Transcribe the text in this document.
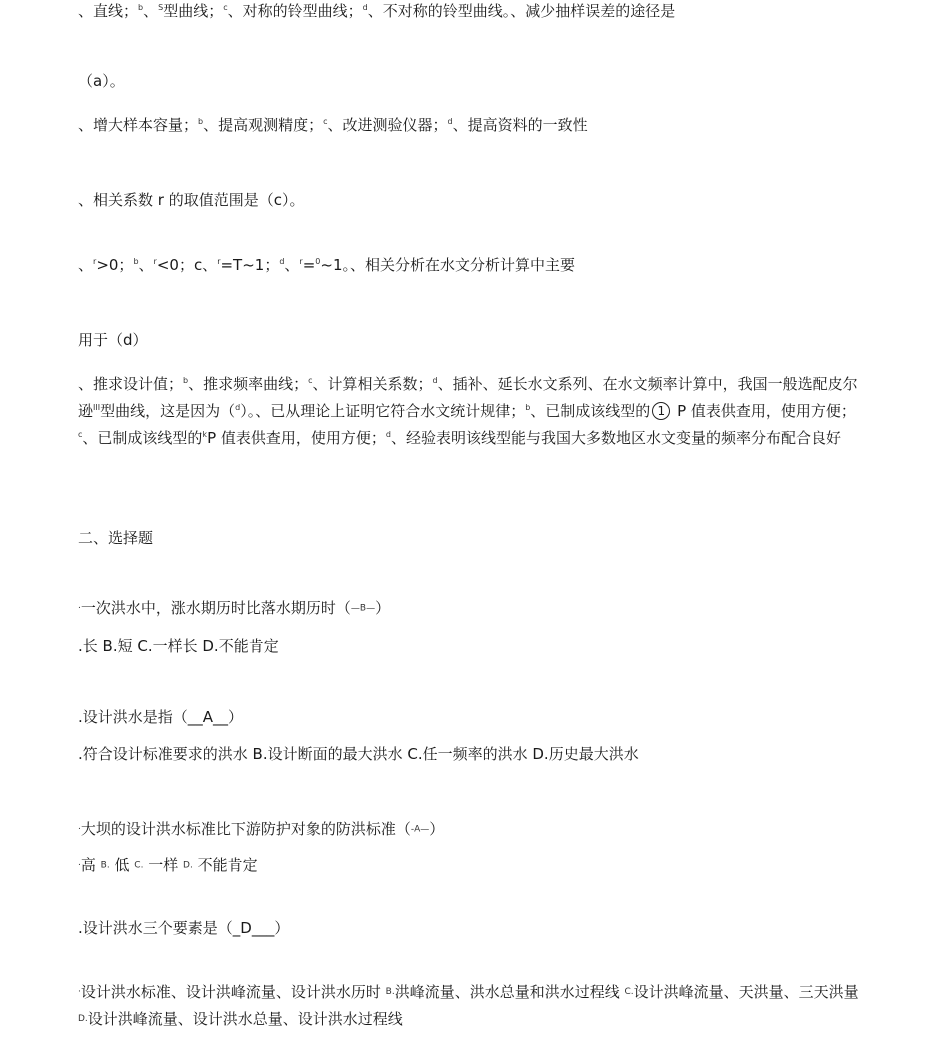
、直线；$^b$、$^S$型曲线；$^c$、对称的铃型曲线；$^d$、不对称的铃型曲线。、减少抽样误差的途径是
（a）。
、增大样本容量；$^b$、提高观测精度；$^c$、改进测验仪器；$^d$、提高资料的一致性
、相关系数 r 的取值范围是（c）。
、$^r$>0；$^b$、$^r$<0；c、$^r$=T~1；$^d$、$^r$=$^0$~1。、相关分析在水文分析计算中主要
用于（d）
、推求设计值；$^b$、推求频率曲线；$^c$、计算相关系数；$^d$、插补、延长水文系列、在水文频率计算中，我国一般选配皮尔逊$^{III}$型曲线，这是因为（$^d$）。、已从理论上证明它符合水文统计规律；$^b$、已制成该线型的 1 P 值表供查用，使用方便；$^c$、已制成该线型的$^k$P 值表供查用，使用方便；$^d$、经验表明该线型能与我国大多数地区水文变量的频率分布配合良好
二、选择题
·一次洪水中，涨水期历时比落水期历时（—B—）
.长 B.短 C.一样长 D.不能肯定
.设计洪水是指（__A__）
.符合设计标准要求的洪水 B.设计断面的最大洪水 C.任一频率的洪水 D.历史最大洪水
·大坝的设计洪水标准比下游防护对象的防洪标准（-A—）
·高 B. 低 C. 一样 D. 不能肯定
.设计洪水三个要素是（_D___）
·设计洪水标准、设计洪峰流量、设计洪水历时 B.洪峰流量、洪水总量和洪水过程线 C.设计洪峰流量、天洪量、三天洪量 D.设计洪峰流量、设计洪水总量、设计洪水过程线
